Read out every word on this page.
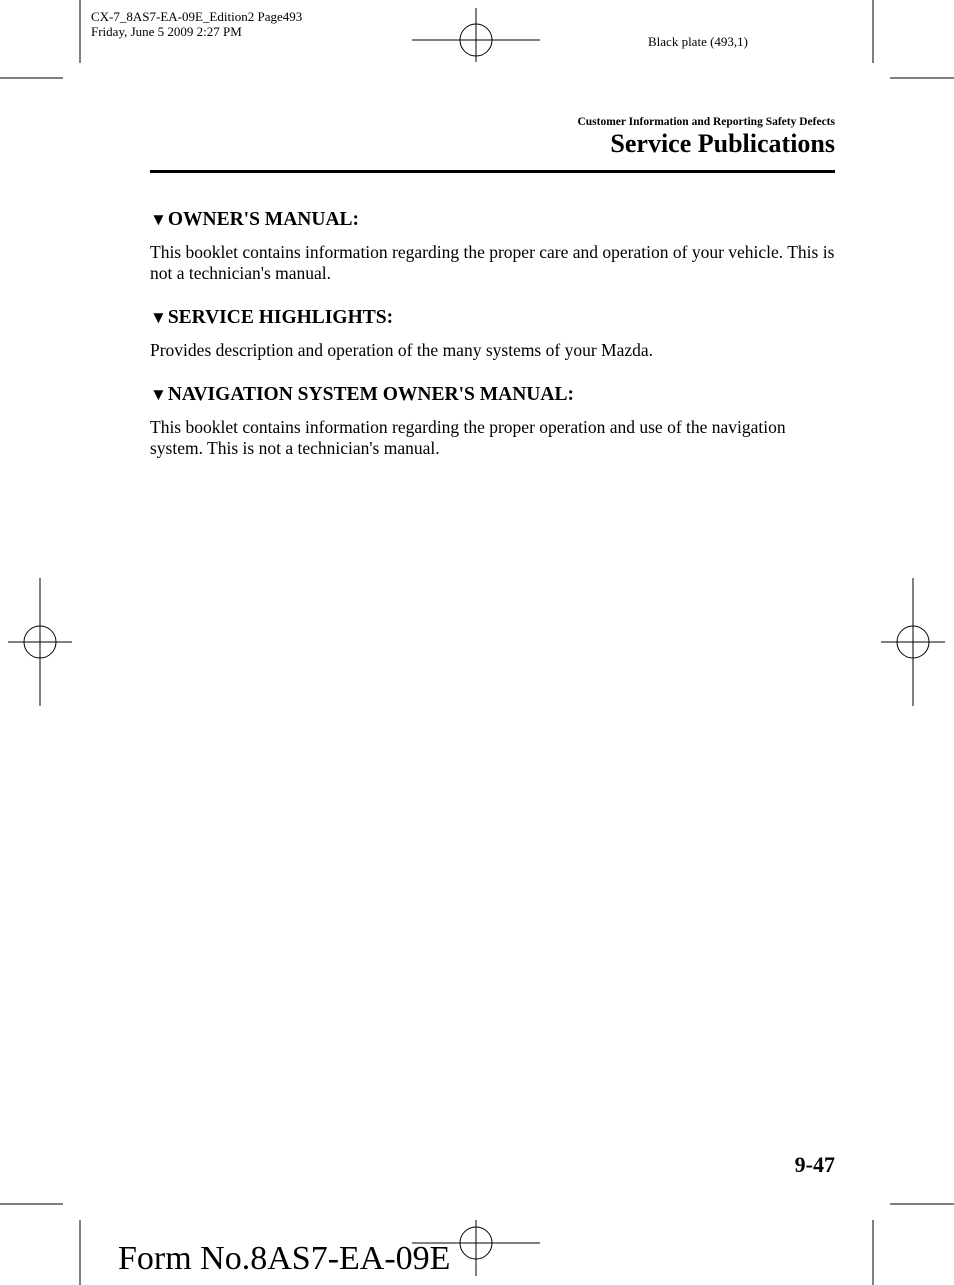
CX-7_8AS7-EA-09E_Edition2 Page493
Friday, June 5 2009 2:27 PM
Black plate (493,1)
Customer Information and Reporting Safety Defects
Service Publications
▼OWNER'S MANUAL:

This booklet contains information regarding the proper care and operation of your vehicle. This is not a technician's manual.

▼SERVICE HIGHLIGHTS:

Provides description and operation of the many systems of your Mazda.

▼NAVIGATION SYSTEM OWNER'S MANUAL:

This booklet contains information regarding the proper operation and use of the navigation system. This is not a technician's manual.

9-47
Form No.8AS7-EA-09E
